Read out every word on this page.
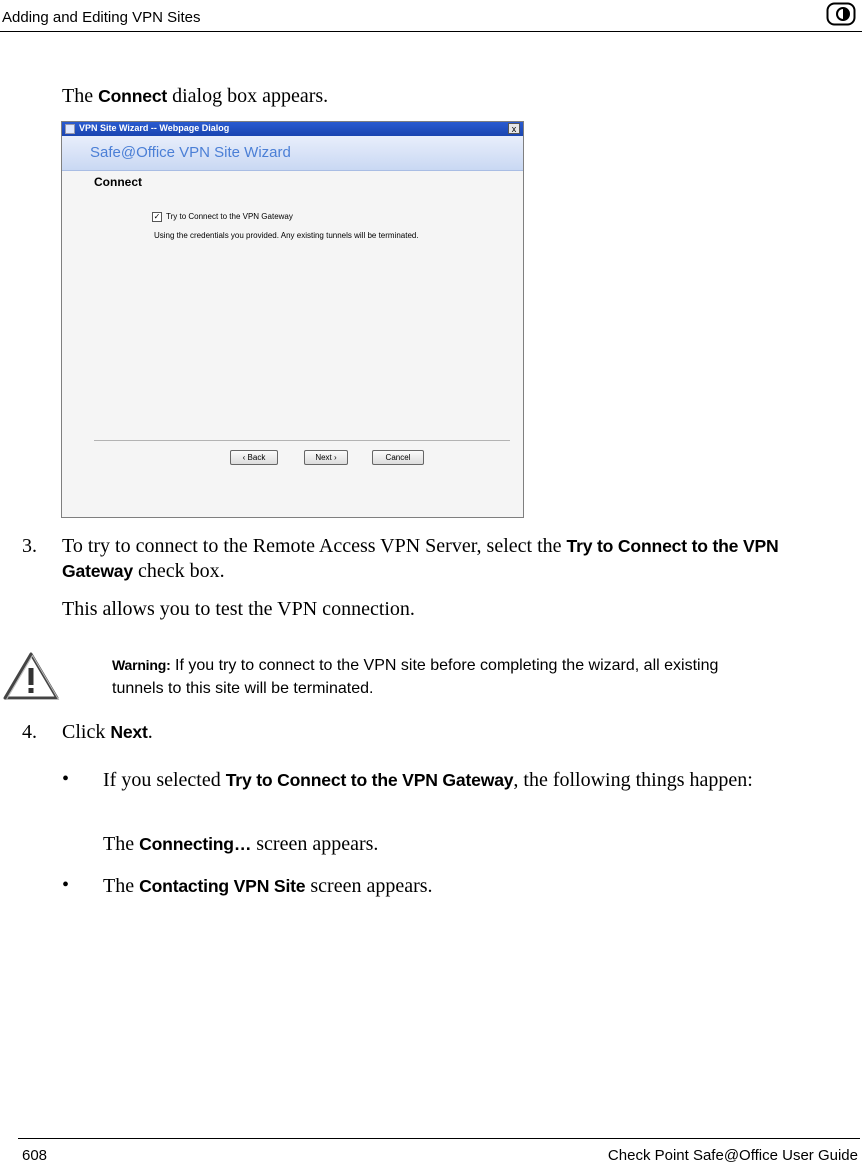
Adding and Editing VPN Sites
The Connect dialog box appears.
VPN Site Wizard -- Webpage Dialog	x
Safe@Office VPN Site Wizard
Connect
✓ Try to Connect to the VPN Gateway
Using the credentials you provided. Any existing tunnels will be terminated.
‹ Back	Next ›	Cancel
3. To try to connect to the Remote Access VPN Server, select the Try to Connect to the VPN Gateway check box.
This allows you to test the VPN connection.
Warning: If you try to connect to the VPN site before completing the wizard, all existing tunnels to this site will be terminated.
4. Click Next.
• If you selected Try to Connect to the VPN Gateway, the following things happen:
The Connecting… screen appears.
• The Contacting VPN Site screen appears.
608	Check Point Safe@Office User Guide
